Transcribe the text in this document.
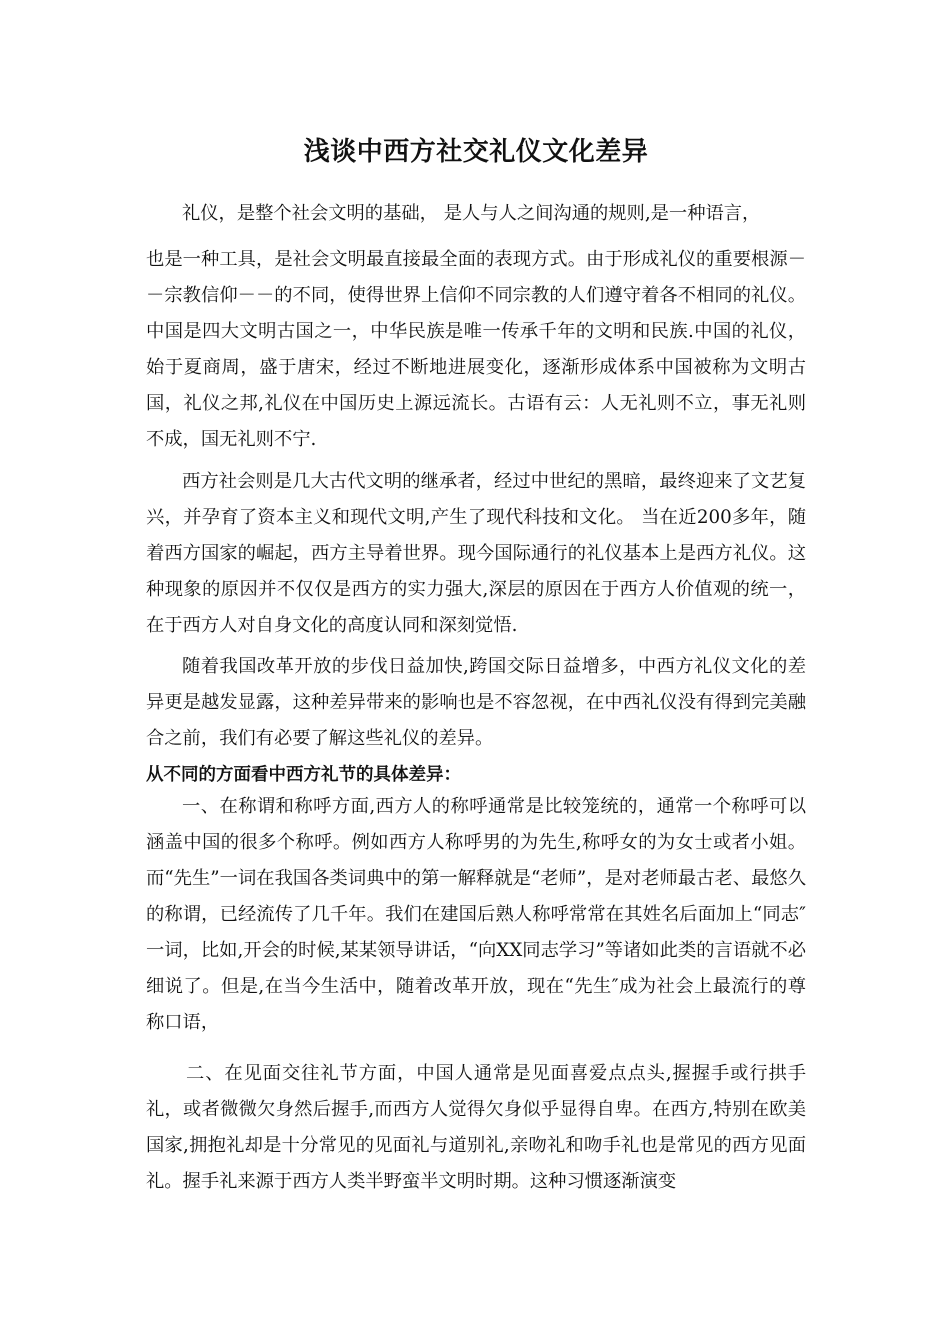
浅谈中西方社交礼仪文化差异

礼仪，是整个社会文明的基础， 是人与人之间沟通的规则,是一种语言，
也是一种工具，是社会文明最直接最全面的表现方式。由于形成礼仪的重要根源－－宗教信仰－－的不同，使得世界上信仰不同宗教的人们遵守着各不相同的礼仪。中国是四大文明古国之一，中华民族是唯一传承千年的文明和民族.中国的礼仪，始于夏商周，盛于唐宋，经过不断地进展变化，逐渐形成体系中国被称为文明古国，礼仪之邦,礼仪在中国历史上源远流长。古语有云：人无礼则不立，事无礼则不成，国无礼则不宁.

西方社会则是几大古代文明的继承者，经过中世纪的黑暗，最终迎来了文艺复兴，并孕育了资本主义和现代文明,产生了现代科技和文化。 当在近200多年，随着西方国家的崛起，西方主导着世界。现今国际通行的礼仪基本上是西方礼仪。这种现象的原因并不仅仅是西方的实力强大,深层的原因在于西方人价值观的统一，在于西方人对自身文化的高度认同和深刻觉悟.

随着我国改革开放的步伐日益加快,跨国交际日益增多，中西方礼仪文化的差异更是越发显露，这种差异带来的影响也是不容忽视，在中西礼仪没有得到完美融合之前，我们有必要了解这些礼仪的差异。

从不同的方面看中西方礼节的具体差异：

一、在称谓和称呼方面,西方人的称呼通常是比较笼统的，通常一个称呼可以涵盖中国的很多个称呼。例如西方人称呼男的为先生,称呼女的为女士或者小姐。而“先生”一词在我国各类词典中的第一解释就是“老师”，是对老师最古老、最悠久的称谓，已经流传了几千年。我们在建国后熟人称呼常常在其姓名后面加上“同志″一词，比如,开会的时候,某某领导讲话，“向XX同志学习”等诸如此类的言语就不必细说了。但是,在当今生活中，随着改革开放，现在“先生″成为社会上最流行的尊称口语，

二、在见面交往礼节方面，中国人通常是见面喜爱点点头,握握手或行拱手礼，或者微微欠身然后握手,而西方人觉得欠身似乎显得自卑。在西方,特别在欧美国家,拥抱礼却是十分常见的见面礼与道别礼,亲吻礼和吻手礼也是常见的西方见面礼。握手礼来源于西方人类半野蛮半文明时期。这种习惯逐渐演变
